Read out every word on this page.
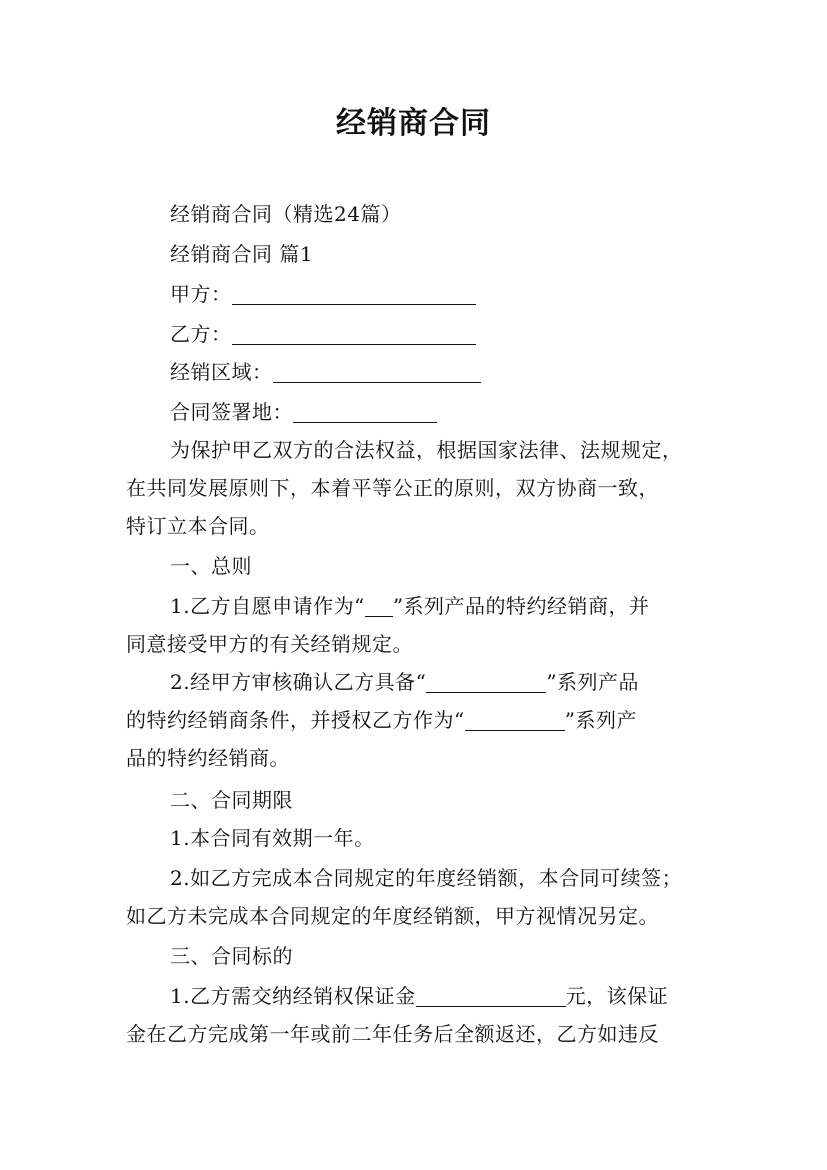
经销商合同
经销商合同（精选24篇）
经销商合同 篇1
甲方：
乙方：
经销区域：
合同签署地：
为保护甲乙双方的合法权益，根据国家法律、法规规定，
在共同发展原则下，本着平等公正的原则，双方协商一致，
特订立本合同。
一、总则
1.乙方自愿申请作为“ ”系列产品的特约经销商，并
同意接受甲方的有关经销规定。
2.经甲方审核确认乙方具备“	”系列产品
的特约经销商条件，并授权乙方作为“	”系列产
品的特约经销商。
二、合同期限
1.本合同有效期一年。
2.如乙方完成本合同规定的年度经销额，本合同可续签；
如乙方未完成本合同规定的年度经销额，甲方视情况另定。
三、合同标的
1.乙方需交纳经销权保证金	元，该保证
金在乙方完成第一年或前二年任务后全额返还，乙方如违反
